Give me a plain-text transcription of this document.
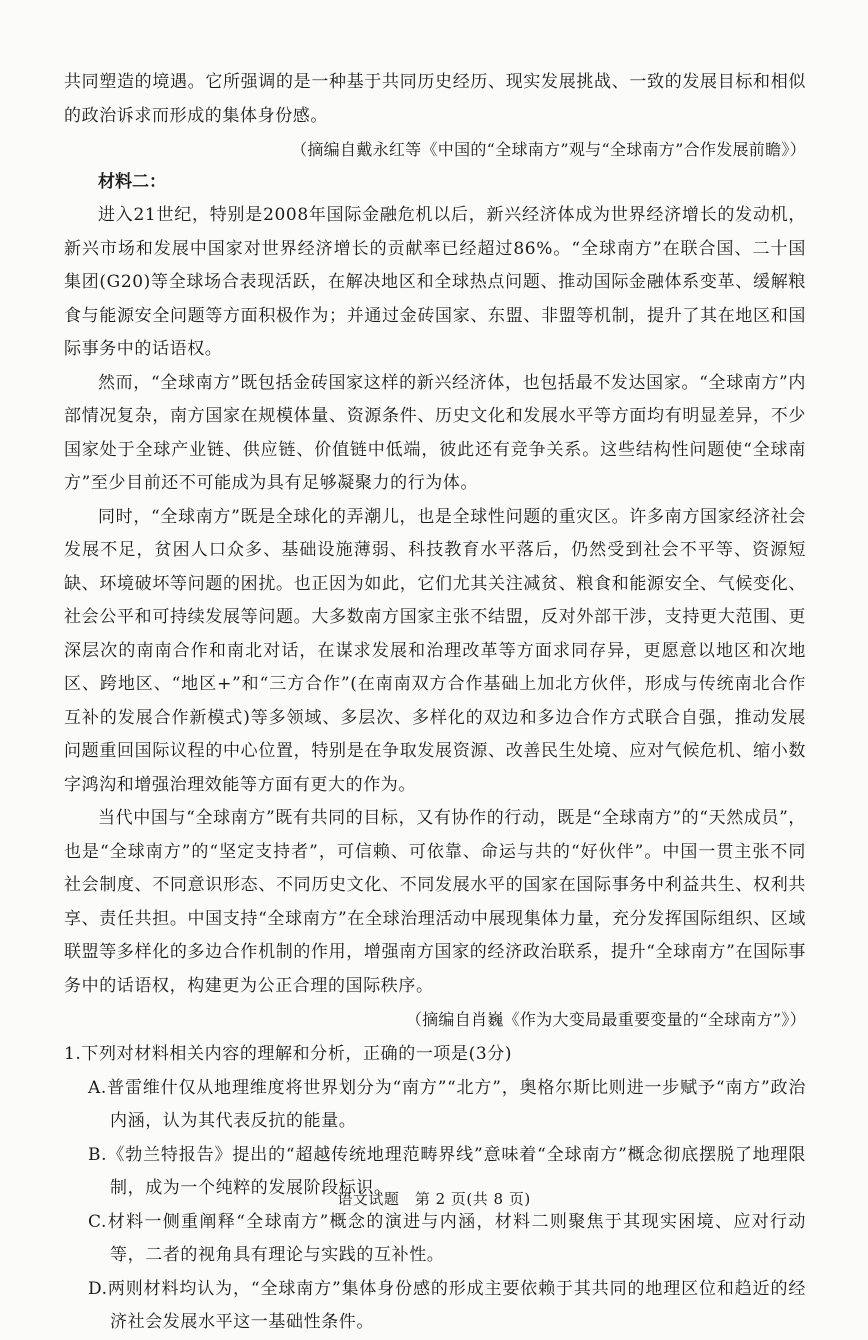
共同塑造的境遇。它所强调的是一种基于共同历史经历、现实发展挑战、一致的发展目标和相似的政治诉求而形成的集体身份感。

（摘编自戴永红等《中国的“全球南方”观与“全球南方”合作发展前瞻》）

材料二：

进入21世纪，特别是2008年国际金融危机以后，新兴经济体成为世界经济增长的发动机，新兴市场和发展中国家对世界经济增长的贡献率已经超过86%。“全球南方”在联合国、二十国集团(G20)等全球场合表现活跃，在解决地区和全球热点问题、推动国际金融体系变革、缓解粮食与能源安全问题等方面积极作为；并通过金砖国家、东盟、非盟等机制，提升了其在地区和国际事务中的话语权。

然而，“全球南方”既包括金砖国家这样的新兴经济体，也包括最不发达国家。“全球南方”内部情况复杂，南方国家在规模体量、资源条件、历史文化和发展水平等方面均有明显差异，不少国家处于全球产业链、供应链、价值链中低端，彼此还有竞争关系。这些结构性问题使“全球南方”至少目前还不可能成为具有足够凝聚力的行为体。

同时，“全球南方”既是全球化的弄潮儿，也是全球性问题的重灾区。许多南方国家经济社会发展不足，贫困人口众多、基础设施薄弱、科技教育水平落后，仍然受到社会不平等、资源短缺、环境破坏等问题的困扰。也正因为如此，它们尤其关注减贫、粮食和能源安全、气候变化、社会公平和可持续发展等问题。大多数南方国家主张不结盟，反对外部干涉，支持更大范围、更深层次的南南合作和南北对话，在谋求发展和治理改革等方面求同存异，更愿意以地区和次地区、跨地区、“地区+”和“三方合作”(在南南双方合作基础上加北方伙伴，形成与传统南北合作互补的发展合作新模式)等多领域、多层次、多样化的双边和多边合作方式联合自强，推动发展问题重回国际议程的中心位置，特别是在争取发展资源、改善民生处境、应对气候危机、缩小数字鸿沟和增强治理效能等方面有更大的作为。

当代中国与“全球南方”既有共同的目标，又有协作的行动，既是“全球南方”的“天然成员”，也是“全球南方”的“坚定支持者”，可信赖、可依靠、命运与共的“好伙伴”。中国一贯主张不同社会制度、不同意识形态、不同历史文化、不同发展水平的国家在国际事务中利益共生、权利共享、责任共担。中国支持“全球南方”在全球治理活动中展现集体力量，充分发挥国际组织、区域联盟等多样化的多边合作机制的作用，增强南方国家的经济政治联系，提升“全球南方”在国际事务中的话语权，构建更为公正合理的国际秩序。

（摘编自肖巍《作为大变局最重要变量的“全球南方”》）

1.下列对材料相关内容的理解和分析，正确的一项是(3分)

A.普雷维什仅从地理维度将世界划分为“南方”“北方”，奥格尔斯比则进一步赋予“南方”政治内涵，认为其代表反抗的能量。

B.《勃兰特报告》提出的“超越传统地理范畴界线”意味着“全球南方”概念彻底摆脱了地理限制，成为一个纯粹的发展阶段标识。

C.材料一侧重阐释“全球南方”概念的演进与内涵，材料二则聚焦于其现实困境、应对行动等，二者的视角具有理论与实践的互补性。

D.两则材料均认为，“全球南方”集体身份感的形成主要依赖于其共同的地理区位和趋近的经济社会发展水平这一基础性条件。

语文试题　第 2 页(共 8 页)
